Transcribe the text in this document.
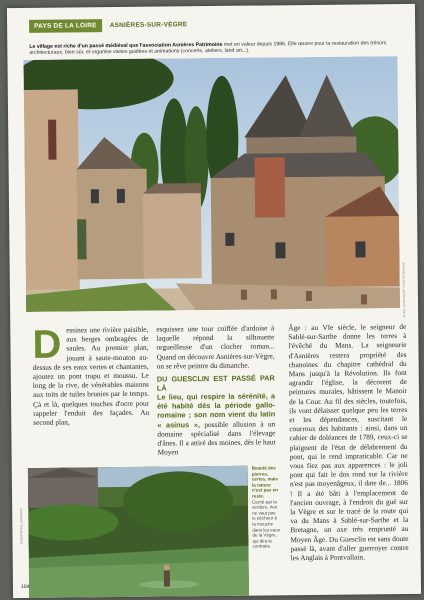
PAYS DE LA LOIRE	ASNIÈRES-SUR-VÈGRE
Le village est riche d'un passé médiéval que l'association Asnières Patrimoine met en valeur depuis 1986. Elle œuvre pour la restauration des trésors architecturaux, bien sûr, et organise visites guidées et animations (concerts, ateliers, land art...).
ALAIN LE BACQUER / PHOTOGRAPHIE
D essinez une rivière paisible, aux berges ombragées de saules. Au premier plan, jouant à saute-mouton au-dessus de ses eaux vertes et chantantes, ajoutez un pont trapu et moussu. Le long de la rive, de vénérables maisons aux toits de tuiles brunies par le temps. Çà et là, quelques touches d'ocre pour rappeler l'enduit des façades. Au second plan,

esquissez une tour coiffée d'ardoise à laquelle répond la silhouette orgueilleuse d'un clocher roman... Quand on découvre Asnières-sur-Vègre, on se rêve peintre du dimanche.

DU GUESCLIN EST PASSÉ PAR LÀ

Le lieu, qui respire la sérénité, a été habité dès la période gallo-romaine ; son nom vient du latin « asinus », possible allusion à un domaine spécialisé dans l'élevage d'ânes. Il a attiré des moines, dès le haut Moyen

Âge : au VIe siècle, le seigneur de Sablé-sur-Sarthe donne les terres à l'évêché du Mans. La seigneurie d'Asnières restera propriété des chanoines du chapitre cathédral du Mans jusqu'à la Révolution. Ils font agrandir l'église, la décorent de peintures murales, bâtissent le Manoir de la Cour. Au fil des siècles, toutefois, ils vont délaisser quelque peu les terres et les dépendances, suscitant le courroux des habitants : ainsi, dans un cahier de doléances de 1789, ceux-ci se plaignent de l'état de délabrement du pont, qui le rend impraticable. Car ne vous fiez pas aux apparences : le joli pont qui fait le dos rond sur la rivière n'est pas moyenâgeux, il date de... 1806 ! Il a été bâti à l'emplacement de l'ancien ouvrage, à l'endroit du gué sur la Vègre et sur le tracé de la route qui va du Mans à Sablé-sur-Sarthe et la Bretagne, un axe très emprunté au Moyen Âge. Du Guesclin est sans doute passé là, avant d'aller guerroyer contre les Anglais à Pontvallain.
Beauté des pierres, certes, mais la nature n'est pas en reste.
Cerné par la verdure, rien ne vaut pas le pêcheur à la mouche dans les eaux de la Vègre, qui dira le contraire.
CHRISTOPHE LEHENAFF
104
